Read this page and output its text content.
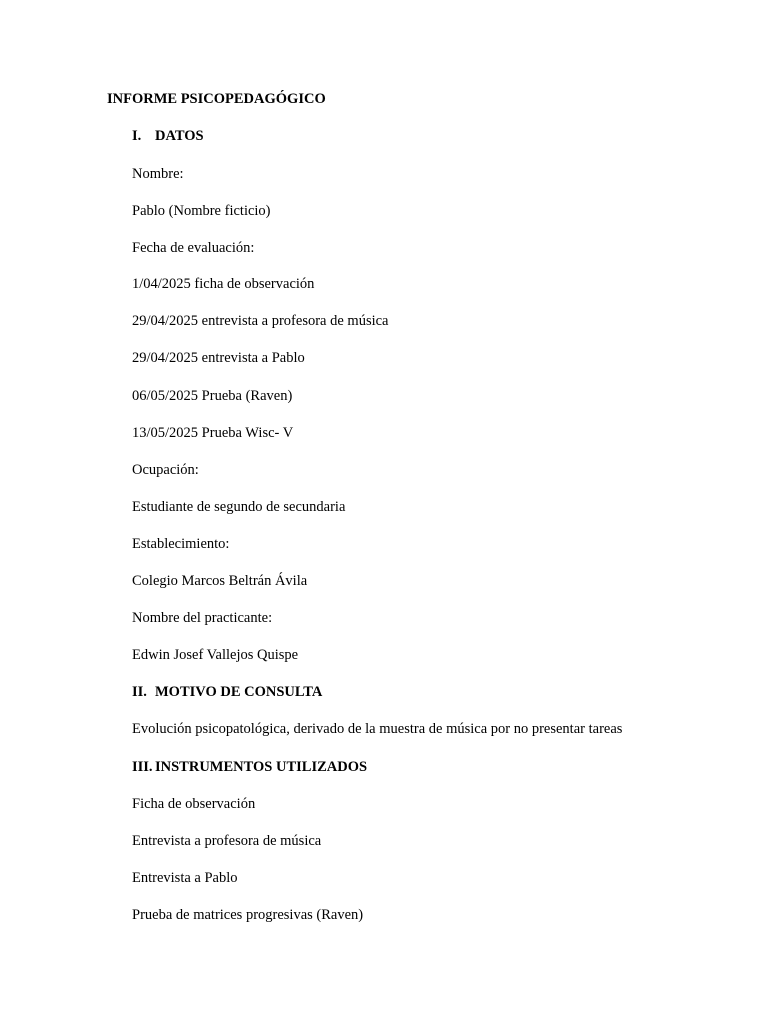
INFORME PSICOPEDAGÓGICO
I. DATOS
Nombre:
Pablo (Nombre ficticio)
Fecha de evaluación:
1/04/2025 ficha de observación
29/04/2025 entrevista a profesora de música
29/04/2025 entrevista a Pablo
06/05/2025 Prueba (Raven)
13/05/2025 Prueba Wisc- V
Ocupación:
Estudiante de segundo de secundaria
Establecimiento:
Colegio Marcos Beltrán Ávila
Nombre del practicante:
Edwin Josef Vallejos Quispe
II. MOTIVO DE CONSULTA
Evolución psicopatológica, derivado de la muestra de música por no presentar tareas
III. INSTRUMENTOS UTILIZADOS
Ficha de observación
Entrevista a profesora de música
Entrevista a Pablo
Prueba de matrices progresivas (Raven)
